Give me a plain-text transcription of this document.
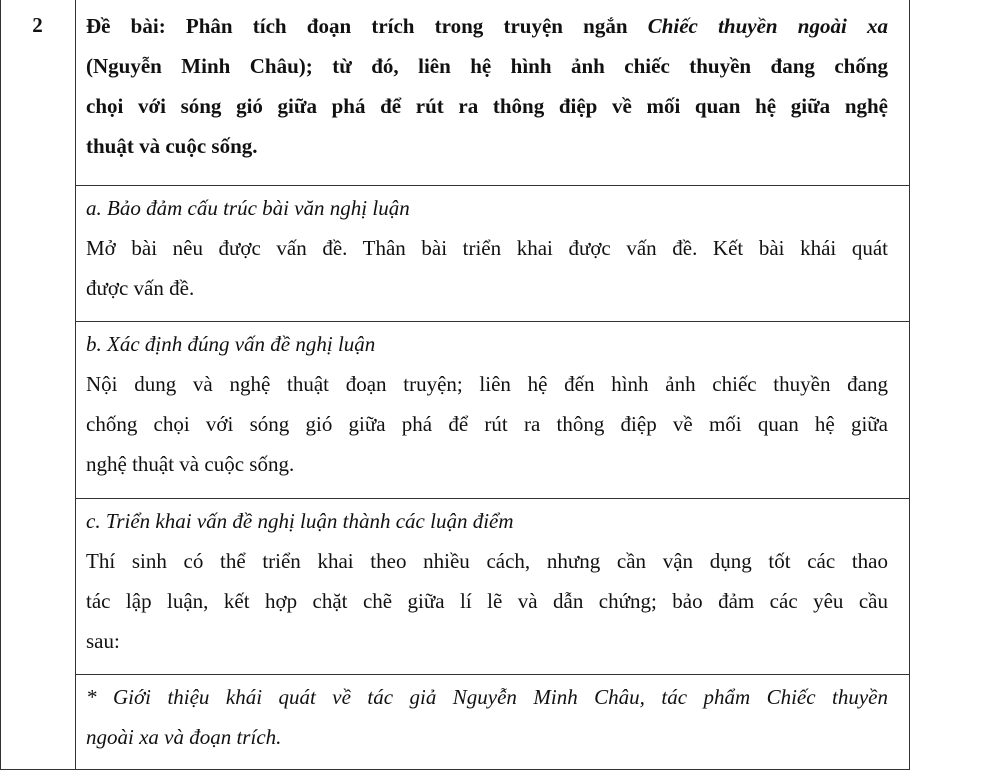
2	Đề bài: Phân tích đoạn trích trong truyện ngắn Chiếc thuyền ngoài xa
(Nguyễn Minh Châu); từ đó, liên hệ hình ảnh chiếc thuyền đang chống
chọi với sóng gió giữa phá để rút ra thông điệp về mối quan hệ giữa nghệ
thuật và cuộc sống.
a. Bảo đảm cấu trúc bài văn nghị luận
Mở bài nêu được vấn đề. Thân bài triển khai được vấn đề. Kết bài khái quát
được vấn đề.
b. Xác định đúng vấn đề nghị luận
Nội dung và nghệ thuật đoạn truyện; liên hệ đến hình ảnh chiếc thuyền đang
chống chọi với sóng gió giữa phá để rút ra thông điệp về mối quan hệ giữa
nghệ thuật và cuộc sống.
c. Triển khai vấn đề nghị luận thành các luận điểm
Thí sinh có thể triển khai theo nhiều cách, nhưng cần vận dụng tốt các thao
tác lập luận, kết hợp chặt chẽ giữa lí lẽ và dẫn chứng; bảo đảm các yêu cầu
sau:
* Giới thiệu khái quát về tác giả Nguyễn Minh Châu, tác phẩm Chiếc thuyền
ngoài xa và đoạn trích.
